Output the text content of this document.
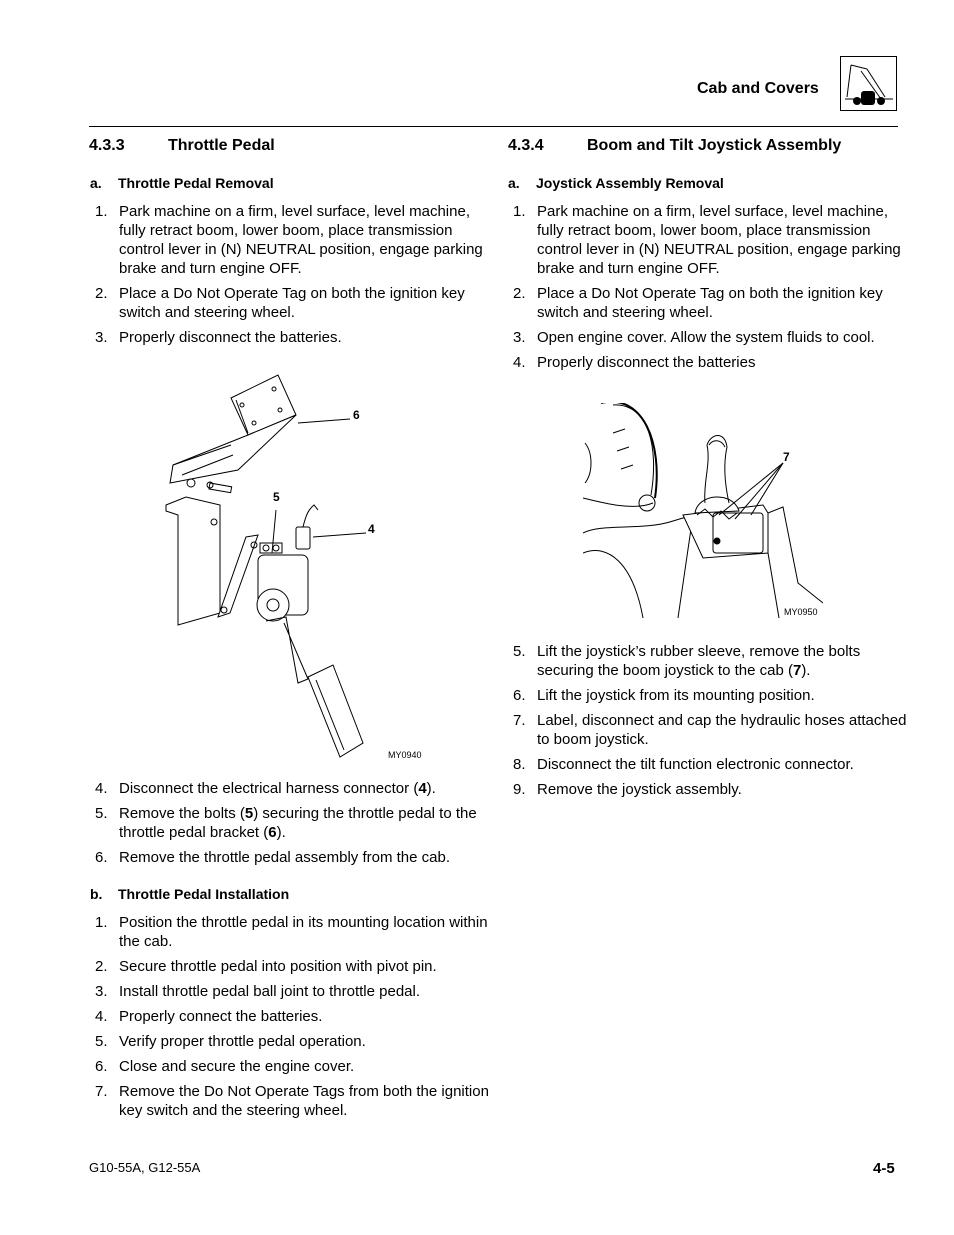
Cab and Covers
4.3.3	Throttle Pedal
a. Throttle Pedal Removal
1. Park machine on a firm, level surface, level machine, fully retract boom, lower boom, place transmission control lever in (N) NEUTRAL position, engage parking brake and turn engine OFF.
2. Place a Do Not Operate Tag on both the ignition key switch and steering wheel.
3. Properly disconnect the batteries.
6
5
4
MY0940
4. Disconnect the electrical harness connector (4).
5. Remove the bolts (5) securing the throttle pedal to the throttle pedal bracket (6).
6. Remove the throttle pedal assembly from the cab.
b. Throttle Pedal Installation
1. Position the throttle pedal in its mounting location within the cab.
2. Secure throttle pedal into position with pivot pin.
3. Install throttle pedal ball joint to throttle pedal.
4. Properly connect the batteries.
5. Verify proper throttle pedal operation.
6. Close and secure the engine cover.
7. Remove the Do Not Operate Tags from both the ignition key switch and the steering wheel.
4.3.4	Boom and Tilt Joystick Assembly
a. Joystick Assembly Removal
1. Park machine on a firm, level surface, level machine, fully retract boom, lower boom, place transmission control lever in (N) NEUTRAL position, engage parking brake and turn engine OFF.
2. Place a Do Not Operate Tag on both the ignition key switch and steering wheel.
3. Open engine cover. Allow the system fluids to cool.
4. Properly disconnect the batteries
7
MY0950
5. Lift the joystick’s rubber sleeve, remove the bolts securing the boom joystick to the cab (7).
6. Lift the joystick from its mounting position.
7. Label, disconnect and cap the hydraulic hoses attached to boom joystick.
8. Disconnect the tilt function electronic connector.
9. Remove the joystick assembly.
G10-55A, G12-55A	4-5
